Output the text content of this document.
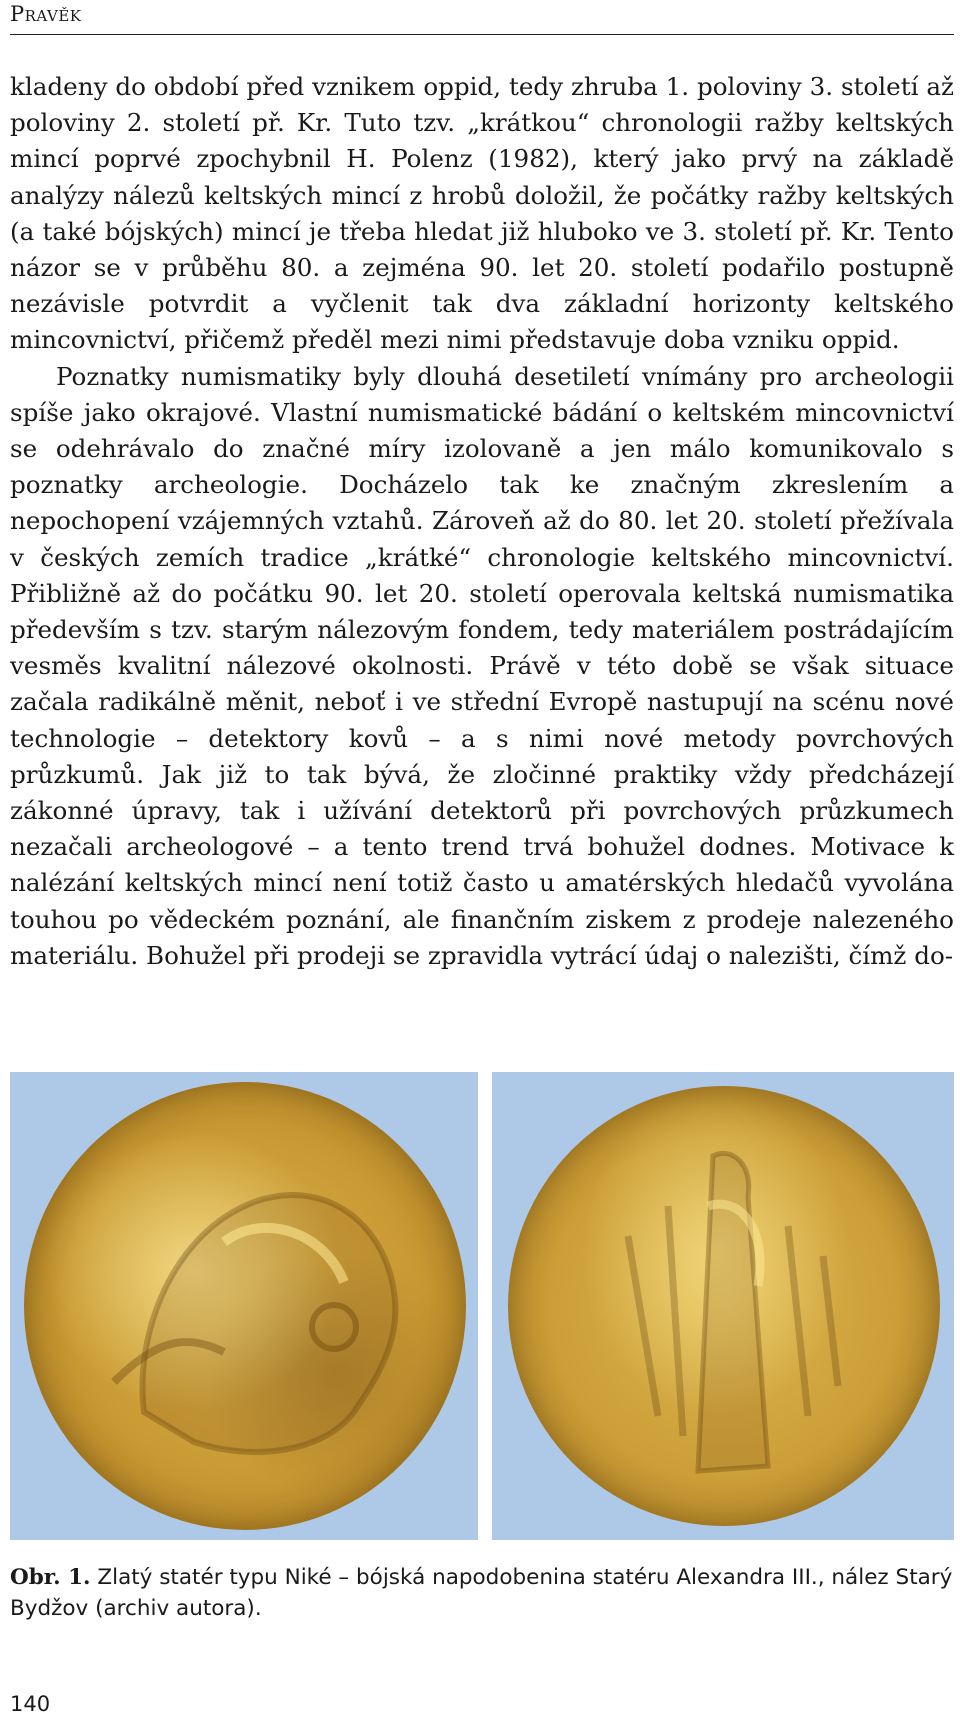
Pravěk

kladeny do období před vznikem oppid, tedy zhruba 1. poloviny 3. století až poloviny 2. století př. Kr. Tuto tzv. „krátkou“ chronologii ražby keltských mincí poprvé zpochybnil H. Polenz (1982), který jako prvý na základě analýzy nálezů keltských mincí z hrobů doložil, že počátky ražby keltských (a také bójských) mincí je třeba hledat již hluboko ve 3. století př. Kr. Tento názor se v průběhu 80. a zejména 90. let 20. století podařilo postupně nezávisle potvrdit a vyčlenit tak dva základní horizonty keltského mincovnictví, přičemž předěl mezi nimi představuje doba vzniku oppid.

Poznatky numismatiky byly dlouhá desetiletí vnímány pro archeologii spíše jako okrajové. Vlastní numismatické bádání o keltském mincovnictví se odehrávalo do značné míry izolovaně a jen málo komunikovalo s poznatky archeologie. Docházelo tak ke značným zkreslením a nepochopení vzájemných vztahů. Zároveň až do 80. let 20. století přežívala v českých zemích tradice „krátké“ chronologie keltského mincovnictví. Přibližně až do počátku 90. let 20. století operovala keltská numismatika především s tzv. starým nálezovým fondem, tedy materiálem postrádajícím vesměs kvalitní nálezové okolnosti. Právě v této době se však situace začala radikálně měnit, neboť i ve střední Evropě nastupují na scénu nové technologie – detektory kovů – a s nimi nové metody povrchových průzkumů. Jak již to tak bývá, že zločinné praktiky vždy předcházejí zákonné úpravy, tak i užívání detektorů při povrchových průzkumech nezačali archeologové – a tento trend trvá bohužel dodnes. Motivace k nalézání keltských mincí není totiž často u amatérských hledačů vyvolána touhou po vědeckém poznání, ale finančním ziskem z prodeje nalezeného materiálu. Bohužel při prodeji se zpravidla vytrácí údaj o nalezišti, čímž do-

Obr. 1. Zlatý statér typu Niké – bójská napodobenina statéru Alexandra III., nález Starý Bydžov (archiv autora).
140
